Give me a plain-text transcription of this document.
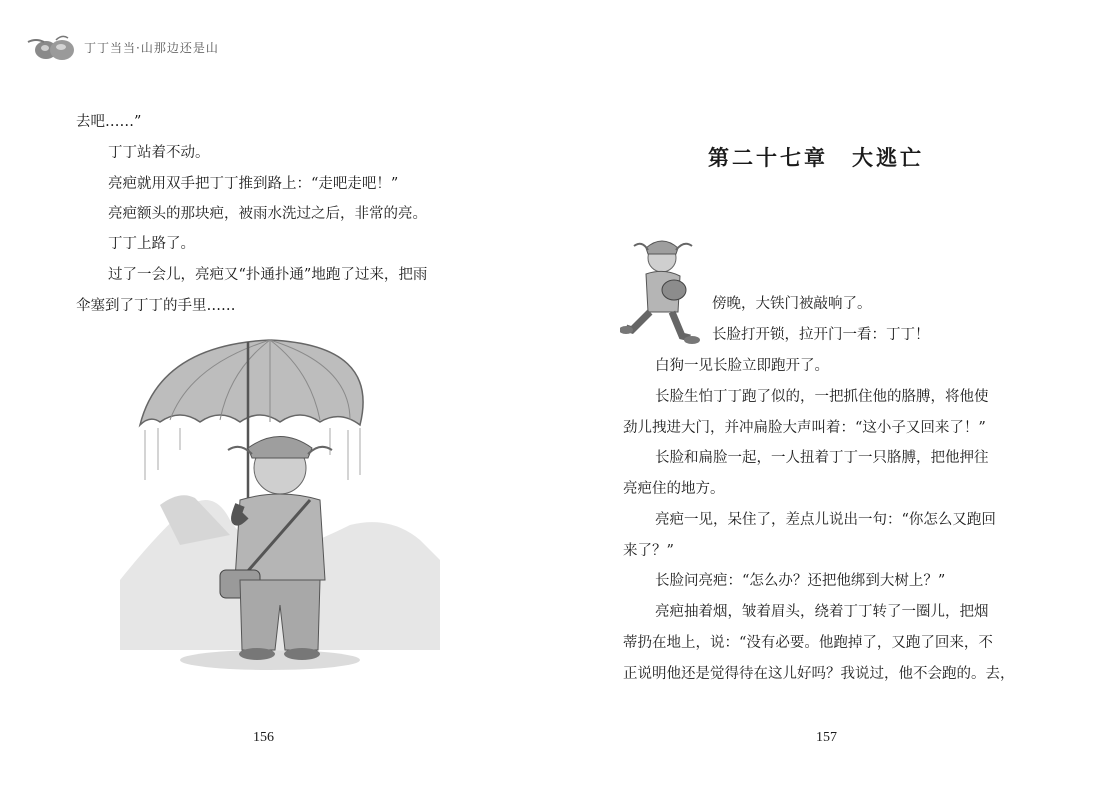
丁丁当当·山那边还是山
去吧……”
丁丁站着不动。
亮疤就用双手把丁丁推到路上：“走吧走吧！”
亮疤额头的那块疤，被雨水洗过之后，非常的亮。
丁丁上路了。
过了一会儿，亮疤又“扑通扑通”地跑了过来，把雨
伞塞到了丁丁的手里……
156
第二十七章　大逃亡
傍晚，大铁门被敲响了。
长脸打开锁，拉开门一看：丁丁！
白狗一见长脸立即跑开了。
长脸生怕丁丁跑了似的，一把抓住他的胳膊，将他使
劲儿拽进大门，并冲扁脸大声叫着：“这小子又回来了！”
长脸和扁脸一起，一人扭着丁丁一只胳膊，把他押往
亮疤住的地方。
亮疤一见，呆住了，差点儿说出一句：“你怎么又跑回
来了？”
长脸问亮疤：“怎么办？还把他绑到大树上？”
亮疤抽着烟，皱着眉头，绕着丁丁转了一圈儿，把烟
蒂扔在地上，说：“没有必要。他跑掉了，又跑了回来，不
正说明他还是觉得待在这儿好吗？我说过，他不会跑的。去，
157
